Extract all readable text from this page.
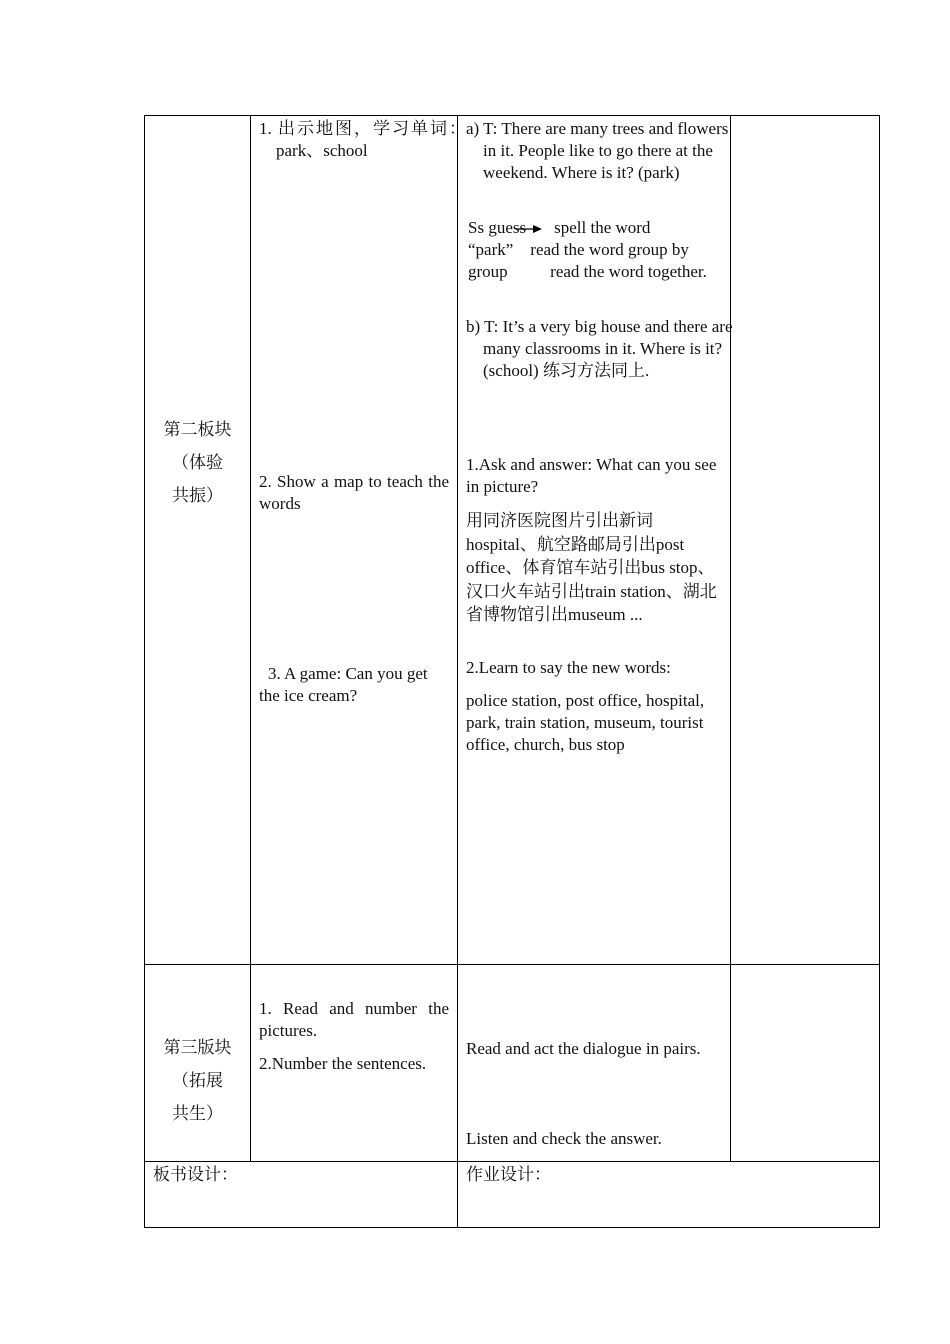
第二板块

（体验

共振）

1. 出示地图，学习单词：park、school
2. Show a map to teach the words
3. A game: Can you get the ice cream?
a) T: There are many trees and flowers in it. People like to go there at the weekend. Where is it? (park)

Ss guess spell the word

“park”    read the word group by group          read the word together.

b) T: It’s a very big house and there are many classrooms in it. Where is it? (school) 练习方法同上.
1.Ask and answer: What can you see in picture?
用同济医院图片引出新词hospital、航空路邮局引出post office、体育馆车站引出bus stop、汉口火车站引出train station、湖北省博物馆引出museum ...
2.Learn to say the new words:
police station, post office, hospital, park, train station, museum, tourist office, church, bus stop

第三版块

（拓展

共生）

1. Read and number the pictures.
2.Number the sentences.
Read and act the dialogue in pairs.
Listen and check the answer.
板书设计：	作业设计：
